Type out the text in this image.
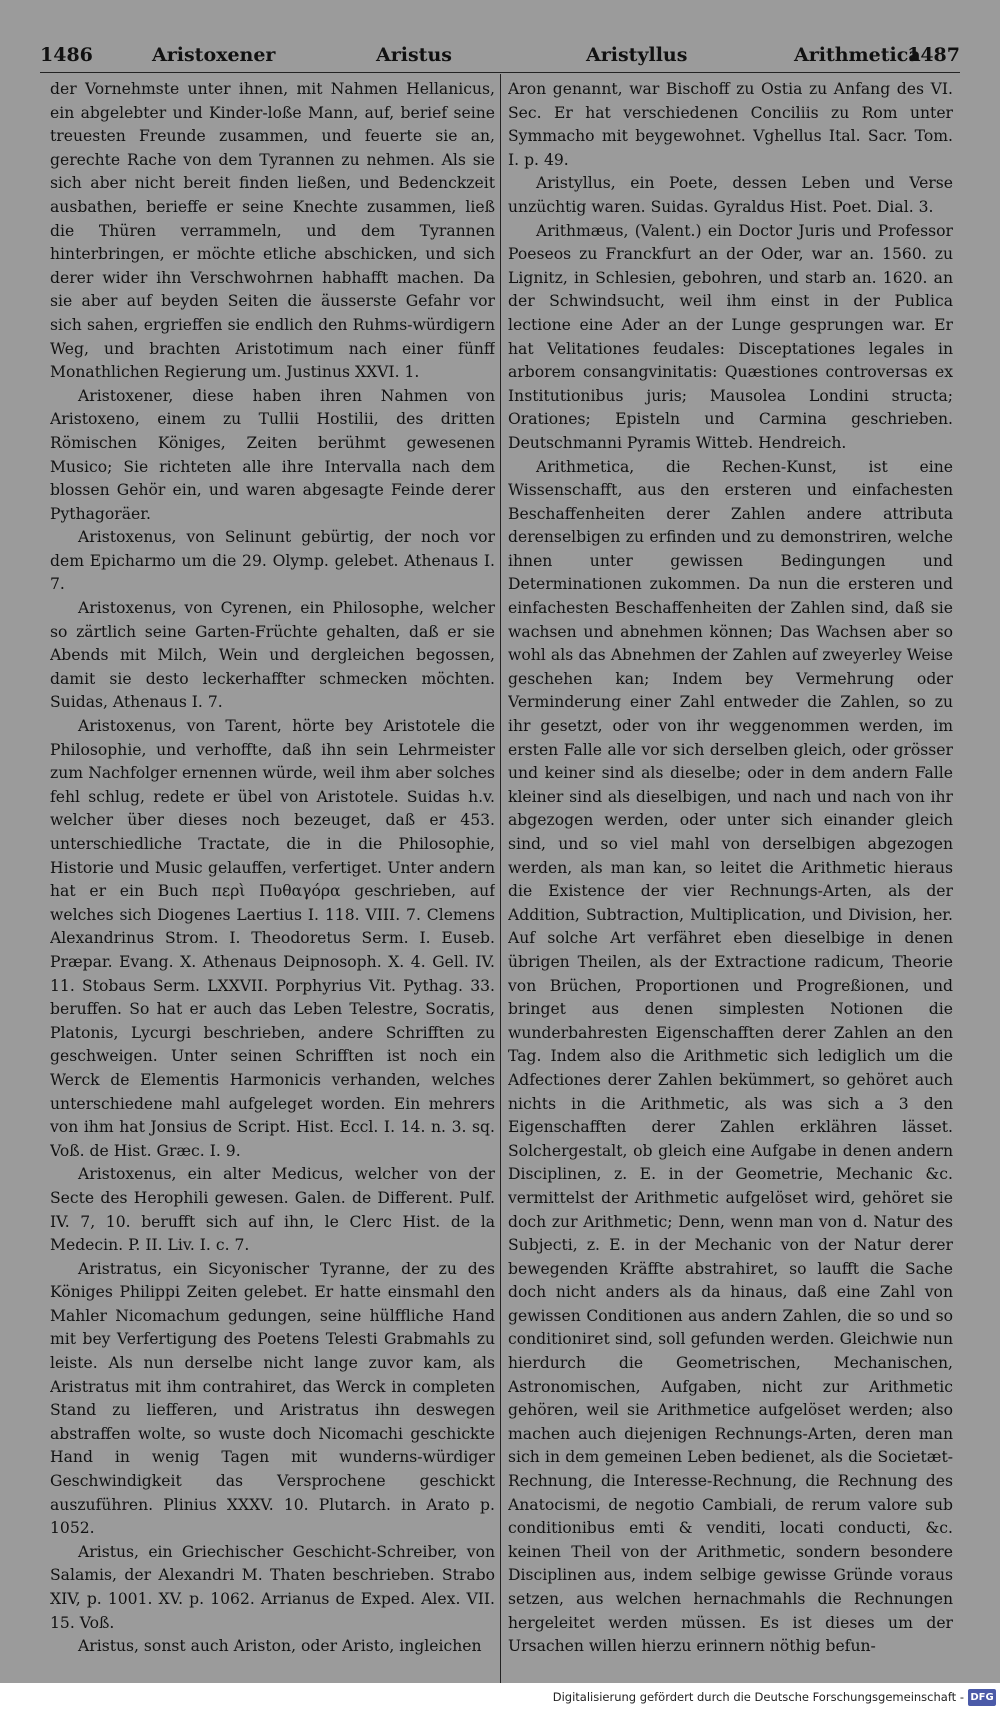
1486	Aristoxener	Aristus	Aristyllus	Arithmetica
1487

der Vornehmste unter ihnen, mit Nahmen Hellanicus, ein abgelebter und Kinder-loße Mann, auf, berief seine treuesten Freunde zusammen, und feuerte sie an, gerechte Rache von dem Tyrannen zu nehmen. Als sie sich aber nicht bereit finden ließen, und Bedenckzeit ausbathen, berieffe er seine Knechte zusammen, ließ die Thüren verrammeln, und dem Tyrannen hinterbringen, er möchte etliche abschicken, und sich derer wider ihn Verschwohrnen habhafft machen. Da sie aber auf beyden Seiten die äusserste Gefahr vor sich sahen, ergrieffen sie endlich den Ruhms-würdigern Weg, und brachten Aristotimum nach einer fünff Monathlichen Regierung um. Justinus XXVI. 1.

Aristoxener, diese haben ihren Nahmen von Aristoxeno, einem zu Tullii Hostilii, des dritten Römischen Königes, Zeiten berühmt gewesenen Musico; Sie richteten alle ihre Intervalla nach dem blossen Gehör ein, und waren abgesagte Feinde derer Pythagoräer.

Aristoxenus, von Selinunt gebürtig, der noch vor dem Epicharmo um die 29. Olymp. gelebet. Athenaus I. 7.

Aristoxenus, von Cyrenen, ein Philosophe, welcher so zärtlich seine Garten-Früchte gehalten, daß er sie Abends mit Milch, Wein und dergleichen begossen, damit sie desto leckerhaffter schmecken möchten. Suidas, Athenaus I. 7.

Aristoxenus, von Tarent, hörte bey Aristotele die Philosophie, und verhoffte, daß ihn sein Lehrmeister zum Nachfolger ernennen würde, weil ihm aber solches fehl schlug, redete er übel von Aristotele. Suidas h.v. welcher über dieses noch bezeuget, daß er 453. unterschiedliche Tractate, die in die Philosophie, Historie und Music gelauffen, verfertiget. Unter andern hat er ein Buch περὶ Πυθαγόρα geschrieben, auf welches sich Diogenes Laertius I. 118. VIII. 7. Clemens Alexandrinus Strom. I. Theodoretus Serm. I. Euseb. Præpar. Evang. X. Athenaus Deipnosoph. X. 4. Gell. IV. 11. Stobaus Serm. LXXVII. Porphyrius Vit. Pythag. 33. beruffen. So hat er auch das Leben Telestre, Socratis, Platonis, Lycurgi beschrieben, andere Schrifften zu geschweigen. Unter seinen Schrifften ist noch ein Werck de Elementis Harmonicis verhanden, welches unterschiedene mahl aufgeleget worden. Ein mehrers von ihm hat Jonsius de Script. Hist. Eccl. I. 14. n. 3. sq. Voß. de Hist. Græc. I. 9.

Aristoxenus, ein alter Medicus, welcher von der Secte des Herophili gewesen. Galen. de Different. Pulf. IV. 7, 10. berufft sich auf ihn, le Clerc Hist. de la Medecin. P. II. Liv. I. c. 7.

Aristratus, ein Sicyonischer Tyranne, der zu des Königes Philippi Zeiten gelebet. Er hatte einsmahl den Mahler Nicomachum gedungen, seine hülffliche Hand mit bey Verfertigung des Poetens Telesti Grabmahls zu leiste. Als nun derselbe nicht lange zuvor kam, als Aristratus mit ihm contrahiret, das Werck in completen Stand zu liefferen, und Aristratus ihn deswegen abstraffen wolte, so wuste doch Nicomachi geschickte Hand in wenig Tagen mit wunderns-würdiger Geschwindigkeit das Versprochene geschickt auszuführen. Plinius XXXV. 10. Plutarch. in Arato p. 1052.

Aristus, ein Griechischer Geschicht-Schreiber, von Salamis, der Alexandri M. Thaten beschrieben. Strabo XIV, p. 1001. XV. p. 1062. Arrianus de Exped. Alex. VII. 15. Voß.

Aristus, sonst auch Ariston, oder Aristo, ingleichen

Aron genannt, war Bischoff zu Ostia zu Anfang des VI. Sec. Er hat verschiedenen Conciliis zu Rom unter Symmacho mit beygewohnet. Vghellus Ital. Sacr. Tom. I. p. 49.

Aristyllus, ein Poete, dessen Leben und Verse unzüchtig waren. Suidas. Gyraldus Hist. Poet. Dial. 3.

Arithmæus, (Valent.) ein Doctor Juris und Professor Poeseos zu Franckfurt an der Oder, war an. 1560. zu Lignitz, in Schlesien, gebohren, und starb an. 1620. an der Schwindsucht, weil ihm einst in der Publica lectione eine Ader an der Lunge gesprungen war. Er hat Velitationes feudales: Disceptationes legales in arborem consangvinitatis: Quæstiones controversas ex Institutionibus juris; Mausolea Londini structa; Orationes; Episteln und Carmina geschrieben. Deutschmanni Pyramis Witteb. Hendreich.

Arithmetica, die Rechen-Kunst, ist eine Wissenschafft, aus den ersteren und einfachesten Beschaffenheiten derer Zahlen andere attributa derenselbigen zu erfinden und zu demonstriren, welche ihnen unter gewissen Bedingungen und Determinationen zukommen. Da nun die ersteren und einfachesten Beschaffenheiten der Zahlen sind, daß sie wachsen und abnehmen können; Das Wachsen aber so wohl als das Abnehmen der Zahlen auf zweyerley Weise geschehen kan; Indem bey Vermehrung oder Verminderung einer Zahl entweder die Zahlen, so zu ihr gesetzt, oder von ihr weggenommen werden, im ersten Falle alle vor sich derselben gleich, oder grösser und keiner sind als dieselbe; oder in dem andern Falle kleiner sind als dieselbigen, und nach und nach von ihr abgezogen werden, oder unter sich einander gleich sind, und so viel mahl von derselbigen abgezogen werden, als man kan, so leitet die Arithmetic hieraus die Existence der vier Rechnungs-Arten, als der Addition, Subtraction, Multiplication, und Division, her. Auf solche Art verfähret eben dieselbige in denen übrigen Theilen, als der Extractione radicum, Theorie von Brüchen, Proportionen und Progreßionen, und bringet aus denen simplesten Notionen die wunderbahresten Eigenschafften derer Zahlen an den Tag. Indem also die Arithmetic sich lediglich um die Adfectiones derer Zahlen bekümmert, so gehöret auch nichts in die Arithmetic, als was sich a 3 den Eigenschafften derer Zahlen erklähren lässet. Solchergestalt, ob gleich eine Aufgabe in denen andern Disciplinen, z. E. in der Geometrie, Mechanic &c. vermittelst der Arithmetic aufgelöset wird, gehöret sie doch zur Arithmetic; Denn, wenn man von d. Natur des Subjecti, z. E. in der Mechanic von der Natur derer bewegenden Kräffte abstrahiret, so laufft die Sache doch nicht anders als da hinaus, daß eine Zahl von gewissen Conditionen aus andern Zahlen, die so und so conditioniret sind, soll gefunden werden. Gleichwie nun hierdurch die Geometrischen, Mechanischen, Astronomischen, Aufgaben, nicht zur Arithmetic gehören, weil sie Arithmetice aufgelöset werden; also machen auch diejenigen Rechnungs-Arten, deren man sich in dem gemeinen Leben bedienet, als die Societæt-Rechnung, die Interesse-Rechnung, die Rechnung des Anatocismi, de negotio Cambiali, de rerum valore sub conditionibus emti & venditi, locati conducti, &c. keinen Theil von der Arithmetic, sondern besondere Disciplinen aus, indem selbige gewisse Gründe voraus setzen, aus welchen hernachmahls die Rechnungen hergeleitet werden müssen. Es ist dieses um der Ursachen willen hierzu erinnern nöthig befun-

Digitalisierung gefördert durch die Deutsche Forschungsgemeinschaft - DFG
